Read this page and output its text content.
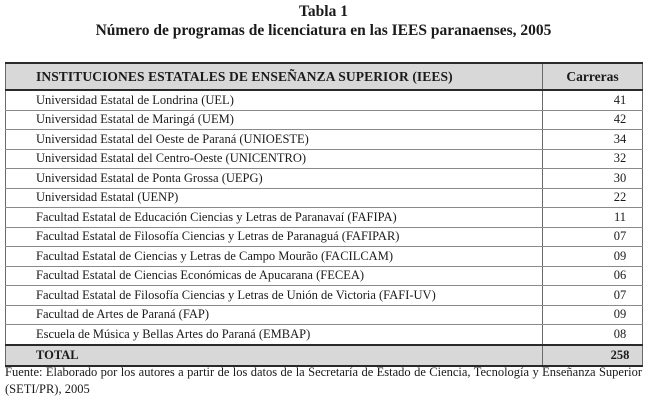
Tabla 1
Número de programas de licenciatura en las IEES paranaenses, 2005
INSTITUCIONES ESTATALES DE ENSEÑANZA SUPERIOR (IEES)	Carreras
Universidad Estatal de Londrina (UEL)	41
Universidad Estatal de Maringá (UEM)	42
Universidad Estatal del Oeste de Paraná (UNIOESTE)	34
Universidad Estatal del Centro-Oeste (UNICENTRO)	32
Universidad Estatal de Ponta Grossa (UEPG)	30
Universidad Estatal (UENP)	22
Facultad Estatal de Educación Ciencias y Letras de Paranavaí (FAFIPA)	11
Facultad Estatal de Filosofía Ciencias y Letras de Paranaguá (FAFIPAR)	07
Facultad Estatal de Ciencias y Letras de Campo Mourão (FACILCAM)	09
Facultad Estatal de Ciencias Económicas de Apucarana (FECEA)	06
Facultad Estatal de Filosofía Ciencias y Letras de Unión de Victoria (FAFI-UV)	07
Facultad de Artes de Paraná (FAP)	09
Escuela de Música y Bellas Artes do Paraná (EMBAP)	08
TOTAL	258
Fuente: Elaborado por los autores a partir de los datos de la Secretaría de Estado de Ciencia, Tecnología y Enseñanza Superior (SETI/PR), 2005
